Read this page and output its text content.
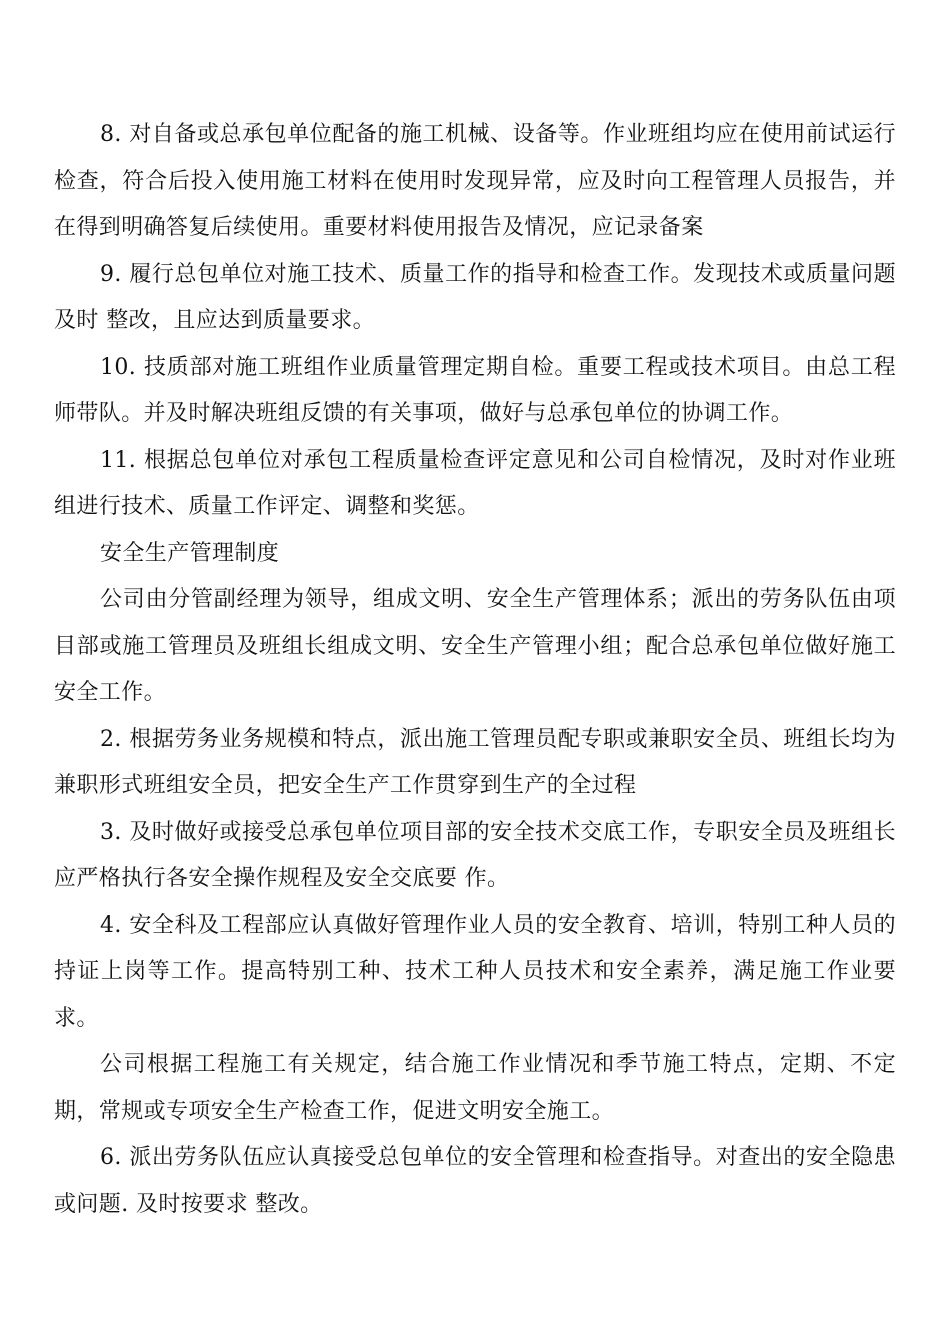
8. 对自备或总承包单位配备的施工机械、设备等。作业班组均应在使用前试运行检查，符合后投入使用施工材料在使用时发现异常，应及时向工程管理人员报告，并在得到明确答复后续使用。重要材料使用报告及情况，应记录备案

9. 履行总包单位对施工技术、质量工作的指导和检查工作。发现技术或质量问题及时 整改，且应达到质量要求。

10. 技质部对施工班组作业质量管理定期自检。重要工程或技术项目。由总工程师带队。并及时解决班组反馈的有关事项，做好与总承包单位的协调工作。

11. 根据总包单位对承包工程质量检查评定意见和公司自检情况，及时对作业班组进行技术、质量工作评定、调整和奖惩。

安全生产管理制度

公司由分管副经理为领导，组成文明、安全生产管理体系；派出的劳务队伍由项目部或施工管理员及班组长组成文明、安全生产管理小组；配合总承包单位做好施工安全工作。

2. 根据劳务业务规模和特点，派出施工管理员配专职或兼职安全员、班组长均为兼职形式班组安全员，把安全生产工作贯穿到生产的全过程

3. 及时做好或接受总承包单位项目部的安全技术交底工作，专职安全员及班组长应严格执行各安全操作规程及安全交底要 作。

4. 安全科及工程部应认真做好管理作业人员的安全教育、培训，特别工种人员的持证上岗等工作。提高特别工种、技术工种人员技术和安全素养，满足施工作业要求。

公司根据工程施工有关规定，结合施工作业情况和季节施工特点，定期、不定期，常规或专项安全生产检查工作，促进文明安全施工。

6. 派出劳务队伍应认真接受总包单位的安全管理和检查指导。对查出的安全隐患或问题. 及时按要求 整改。
